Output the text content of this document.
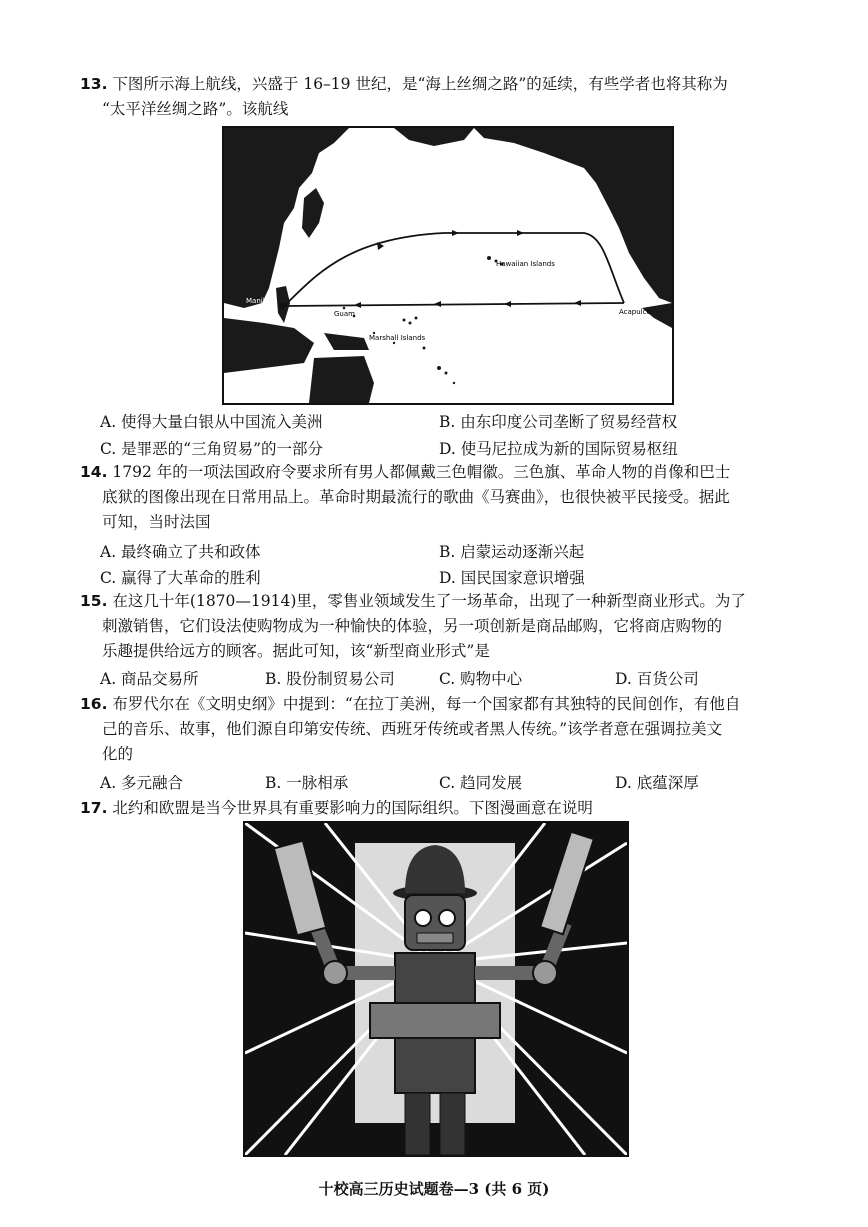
13. 下图所示海上航线，兴盛于 16–19 世纪，是“海上丝绸之路”的延续，有些学者也将其称为
“太平洋丝绸之路”。该航线
Manila
Guam
Hawaiian Islands
Marshall Islands
Acapulco
A. 使得大量白银从中国流入美洲	B. 由东印度公司垄断了贸易经营权
C. 是罪恶的“三角贸易”的一部分	D. 使马尼拉成为新的国际贸易枢纽
14. 1792 年的一项法国政府令要求所有男人都佩戴三色帽徽。三色旗、革命人物的肖像和巴士
底狱的图像出现在日常用品上。革命时期最流行的歌曲《马赛曲》，也很快被平民接受。据此
可知，当时法国
A. 最终确立了共和政体	B. 启蒙运动逐渐兴起
C. 赢得了大革命的胜利	D. 国民国家意识增强
15. 在这几十年(1870—1914)里，零售业领域发生了一场革命，出现了一种新型商业形式。为了
刺激销售，它们设法使购物成为一种愉快的体验，另一项创新是商品邮购，它将商店购物的
乐趣提供给远方的顾客。据此可知，该“新型商业形式”是
A. 商品交易所	B. 股份制贸易公司	C. 购物中心	D. 百货公司
16. 布罗代尔在《文明史纲》中提到：“在拉丁美洲，每一个国家都有其独特的民间创作，有他自
己的音乐、故事，他们源自印第安传统、西班牙传统或者黑人传统。”该学者意在强调拉美文
化的
A. 多元融合	B. 一脉相承	C. 趋同发展	D. 底蕴深厚
17. 北约和欧盟是当今世界具有重要影响力的国际组织。下图漫画意在说明
十校高三历史试题卷—3 (共 6 页)
